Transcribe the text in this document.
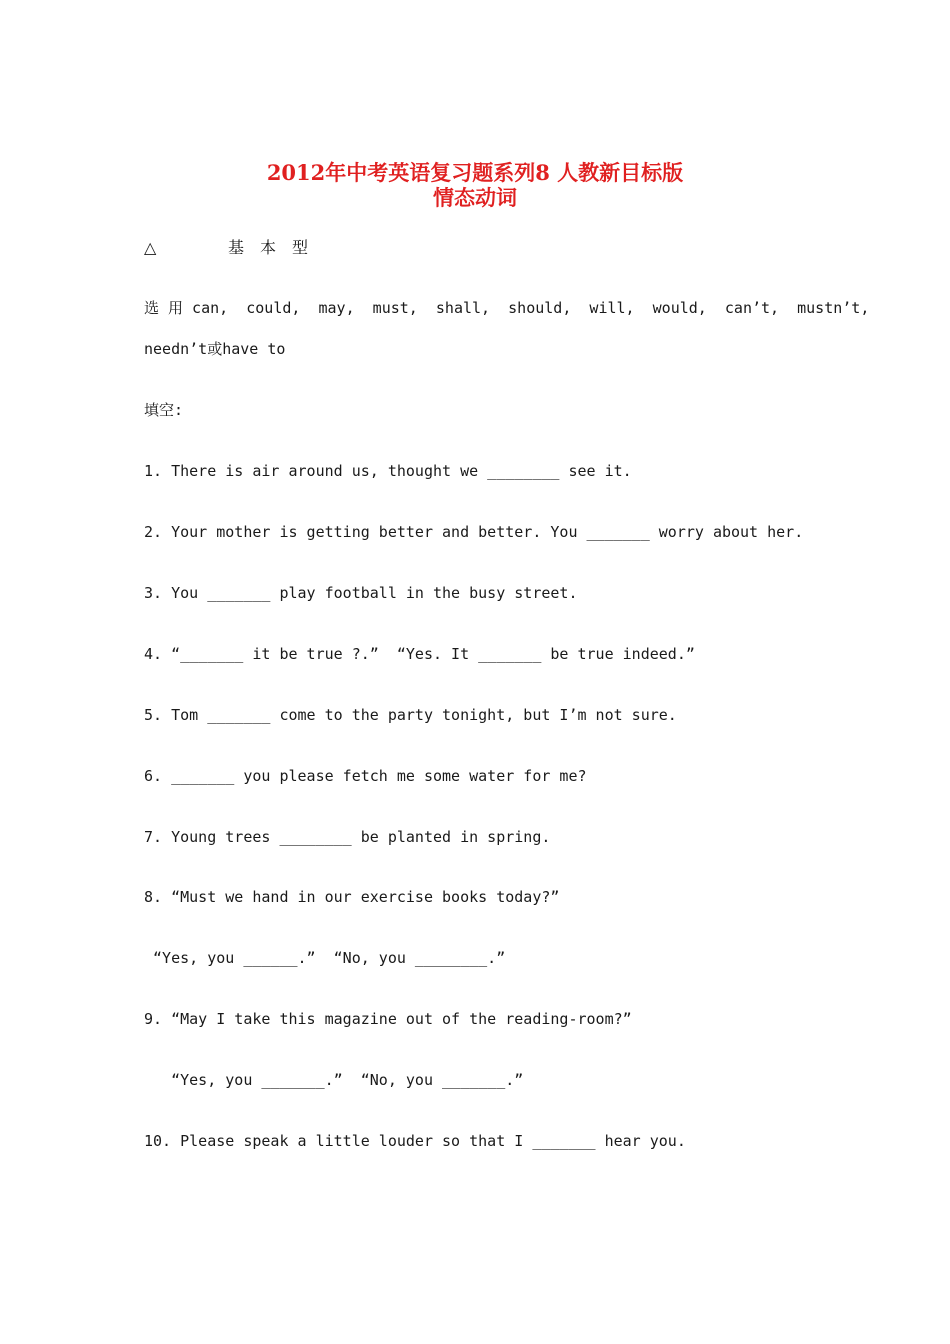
2012年中考英语复习题系列8 人教新目标版
情态动词
△	基本型

选 用 can,  could,  may,  must,  shall,  should,  will,  would,  can’t,  mustn’t,

needn’t或have to

填空:

1. There is air around us, thought we ________ see it.

2. Your mother is getting better and better. You _______ worry about her.

3. You _______ play football in the busy street.

4. “_______ it be true ?.”  “Yes. It _______ be true indeed.”

5. Tom _______ come to the party tonight, but I’m not sure.

6. _______ you please fetch me some water for me?

7. Young trees ________ be planted in spring.

8. “Must we hand in our exercise books today?”

“Yes, you ______.”  “No, you ________.”

9. “May I take this magazine out of the reading-room?”

“Yes, you _______.”  “No, you _______.”

10. Please speak a little louder so that I _______ hear you.
